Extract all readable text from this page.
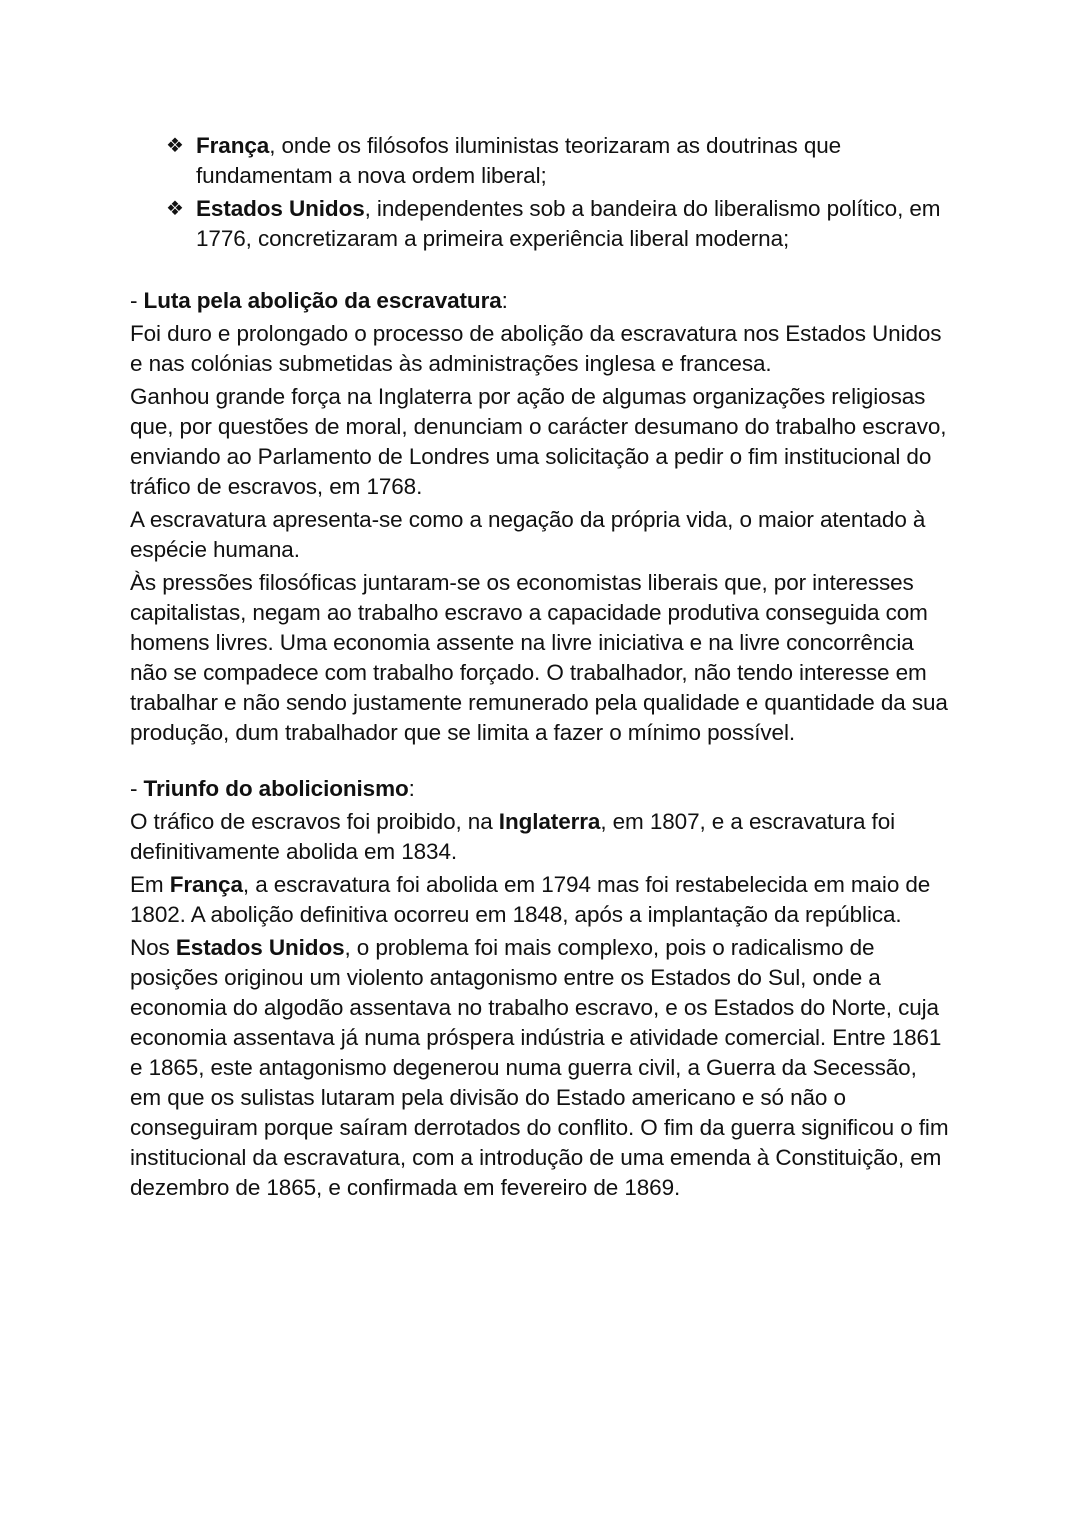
❖ França, onde os filósofos iluministas teorizaram as doutrinas que fundamentam a nova ordem liberal;
❖ Estados Unidos, independentes sob a bandeira do liberalismo político, em 1776, concretizaram a primeira experiência liberal moderna;
- Luta pela abolição da escravatura:

Foi duro e prolongado o processo de abolição da escravatura nos Estados Unidos e nas colónias submetidas às administrações inglesa e francesa.

Ganhou grande força na Inglaterra por ação de algumas organizações religiosas que, por questões de moral, denunciam o carácter desumano do trabalho escravo, enviando ao Parlamento de Londres uma solicitação a pedir o fim institucional do tráfico de escravos, em 1768.

A escravatura apresenta-se como a negação da própria vida, o maior atentado à espécie humana.

Às pressões filosóficas juntaram-se os economistas liberais que, por interesses capitalistas, negam ao trabalho escravo a capacidade produtiva conseguida com homens livres. Uma economia assente na livre iniciativa e na livre concorrência não se compadece com trabalho forçado. O trabalhador, não tendo interesse em trabalhar e não sendo justamente remunerado pela qualidade e quantidade da sua produção, dum trabalhador que se limita a fazer o mínimo possível.

- Triunfo do abolicionismo:

O tráfico de escravos foi proibido, na Inglaterra, em 1807, e a escravatura foi definitivamente abolida em 1834.

Em França, a escravatura foi abolida em 1794 mas foi restabelecida em maio de 1802. A abolição definitiva ocorreu em 1848, após a implantação da república.

Nos Estados Unidos, o problema foi mais complexo, pois o radicalismo de posições originou um violento antagonismo entre os Estados do Sul, onde a economia do algodão assentava no trabalho escravo, e os Estados do Norte, cuja economia assentava já numa próspera indústria e atividade comercial. Entre 1861 e 1865, este antagonismo degenerou numa guerra civil, a Guerra da Secessão, em que os sulistas lutaram pela divisão do Estado americano e só não o conseguiram porque saíram derrotados do conflito. O fim da guerra significou o fim institucional da escravatura, com a introdução de uma emenda à Constituição, em dezembro de 1865, e confirmada em fevereiro de 1869.
